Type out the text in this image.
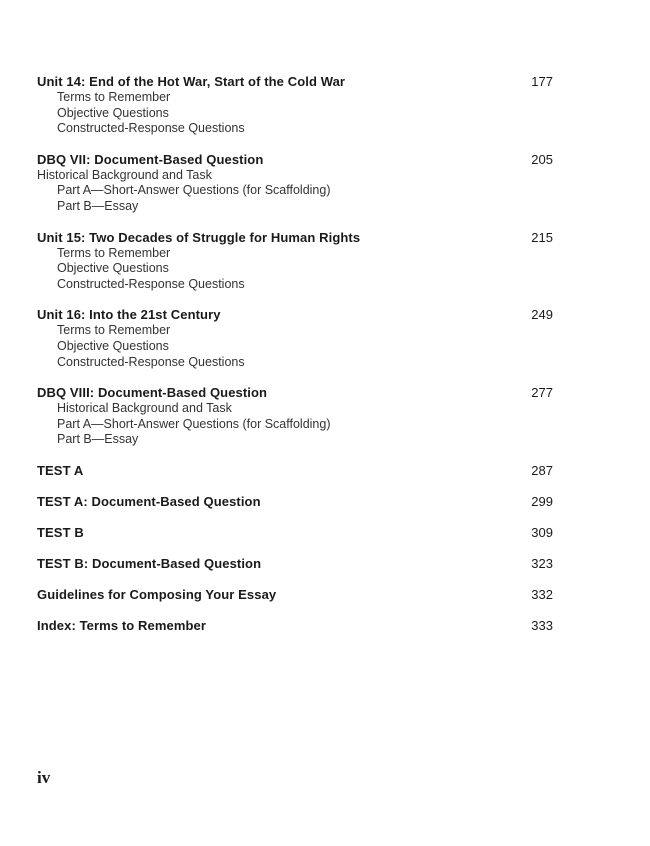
Unit 14: End of the Hot War, Start of the Cold War	177
Terms to Remember
Objective Questions
Constructed-Response Questions
DBQ VII: Document-Based Question	205
Historical Background and Task
Part A—Short-Answer Questions (for Scaffolding)
Part B—Essay
Unit 15: Two Decades of Struggle for Human Rights	215
Terms to Remember
Objective Questions
Constructed-Response Questions
Unit 16: Into the 21st Century	249
Terms to Remember
Objective Questions
Constructed-Response Questions
DBQ VIII: Document-Based Question	277
Historical Background and Task
Part A—Short-Answer Questions (for Scaffolding)
Part B—Essay
TEST A	287
TEST A: Document-Based Question	299
TEST B	309
TEST B: Document-Based Question	323
Guidelines for Composing Your Essay	332
Index: Terms to Remember	333
iv
